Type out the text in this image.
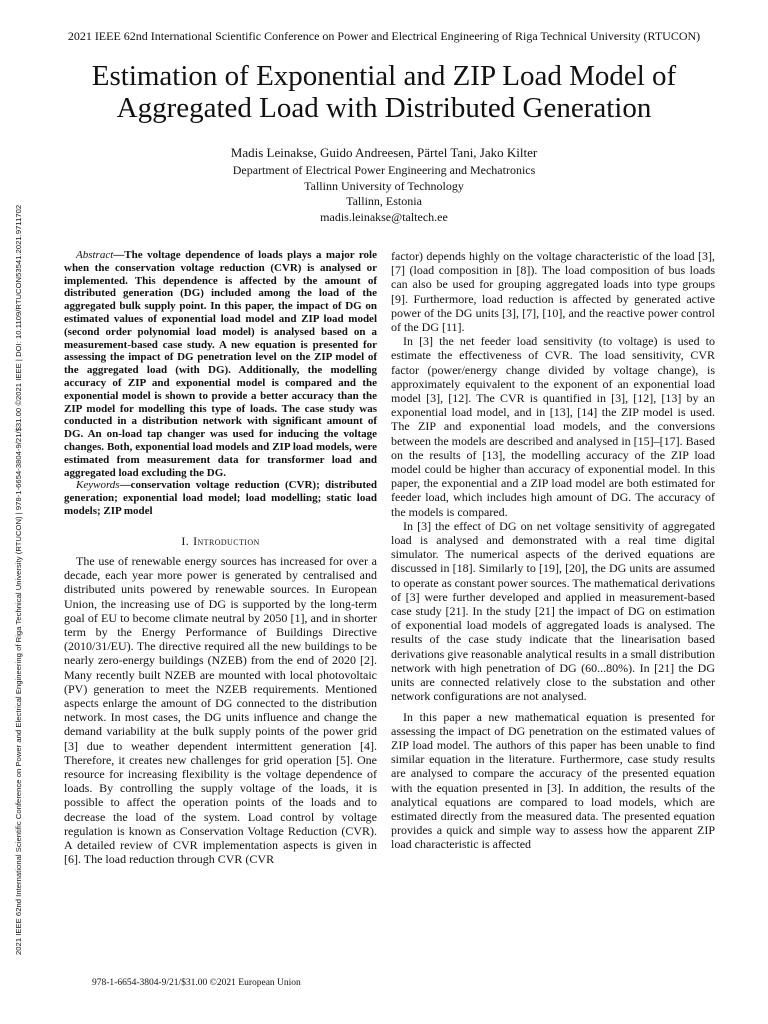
2021 IEEE 62nd International Scientific Conference on Power and Electrical Engineering of Riga Technical University (RTUCON)
2021 IEEE 62nd International Scientific Conference on Power and Electrical Engineering of Riga Technical University (RTUCON) | 978-1-6654-3804-9/21/$31.00 ©2021 IEEE | DOI: 10.1109/RTUCON53541.2021.9711702
Estimation of Exponential and ZIP Load Model of Aggregated Load with Distributed Generation
Madis Leinakse, Guido Andreesen, Pärtel Tani, Jako Kilter
Department of Electrical Power Engineering and Mechatronics
Tallinn University of Technology
Tallinn, Estonia
madis.leinakse@taltech.ee

Abstract—The voltage dependence of loads plays a major role when the conservation voltage reduction (CVR) is analysed or implemented. This dependence is affected by the amount of distributed generation (DG) included among the load of the aggregated bulk supply point. In this paper, the impact of DG on estimated values of exponential load model and ZIP load model (second order polynomial load model) is analysed based on a measurement-based case study. A new equation is presented for assessing the impact of DG penetration level on the ZIP model of the aggregated load (with DG). Additionally, the modelling accuracy of ZIP and exponential model is compared and the exponential model is shown to provide a better accuracy than the ZIP model for modelling this type of loads. The case study was conducted in a distribution network with significant amount of DG. An on-load tap changer was used for inducing the voltage changes. Both, exponential load models and ZIP load models, were estimated from measurement data for transformer load and aggregated load excluding the DG.

Keywords—conservation voltage reduction (CVR); distributed generation; exponential load model; load modelling; static load models; ZIP model

I. Introduction

The use of renewable energy sources has increased for over a decade, each year more power is generated by centralised and distributed units powered by renewable sources. In European Union, the increasing use of DG is supported by the long-term goal of EU to become climate neutral by 2050 [1], and in shorter term by the Energy Performance of Buildings Directive (2010/31/EU). The directive required all the new buildings to be nearly zero-energy buildings (NZEB) from the end of 2020 [2]. Many recently built NZEB are mounted with local photovoltaic (PV) generation to meet the NZEB requirements. Mentioned aspects enlarge the amount of DG connected to the distribution network. In most cases, the DG units influence and change the demand variability at the bulk supply points of the power grid [3] due to weather dependent intermittent generation [4]. Therefore, it creates new challenges for grid operation [5]. One resource for increasing flexibility is the voltage dependence of loads. By controlling the supply voltage of the loads, it is possible to affect the operation points of the loads and to decrease the load of the system. Load control by voltage regulation is known as Conservation Voltage Reduction (CVR). A detailed review of CVR implementation aspects is given in [6]. The load reduction through CVR (CVR

factor) depends highly on the voltage characteristic of the load [3], [7] (load composition in [8]). The load composition of bus loads can also be used for grouping aggregated loads into type groups [9]. Furthermore, load reduction is affected by generated active power of the DG units [3], [7], [10], and the reactive power control of the DG [11].

In [3] the net feeder load sensitivity (to voltage) is used to estimate the effectiveness of CVR. The load sensitivity, CVR factor (power/energy change divided by voltage change), is approximately equivalent to the exponent of an exponential load model [3], [12]. The CVR is quantified in [3], [12], [13] by an exponential load model, and in [13], [14] the ZIP model is used. The ZIP and exponential load models, and the conversions between the models are described and analysed in [15]–[17]. Based on the results of [13], the modelling accuracy of the ZIP load model could be higher than accuracy of exponential model. In this paper, the exponential and a ZIP load model are both estimated for feeder load, which includes high amount of DG. The accuracy of the models is compared.

In [3] the effect of DG on net voltage sensitivity of aggregated load is analysed and demonstrated with a real time digital simulator. The numerical aspects of the derived equations are discussed in [18]. Similarly to [19], [20], the DG units are assumed to operate as constant power sources. The mathematical derivations of [3] were further developed and applied in measurement-based case study [21]. In the study [21] the impact of DG on estimation of exponential load models of aggregated loads is analysed. The results of the case study indicate that the linearisation based derivations give reasonable analytical results in a small distribution network with high penetration of DG (60...80%). In [21] the DG units are connected relatively close to the substation and other network configurations are not analysed.

In this paper a new mathematical equation is presented for assessing the impact of DG penetration on the estimated values of ZIP load model. The authors of this paper has been unable to find similar equation in the literature. Furthermore, case study results are analysed to compare the accuracy of the presented equation with the equation presented in [3]. In addition, the results of the analytical equations are compared to load models, which are estimated directly from the measured data. The presented equation provides a quick and simple way to assess how the apparent ZIP load characteristic is affected

978-1-6654-3804-9/21/$31.00 ©2021 European Union
